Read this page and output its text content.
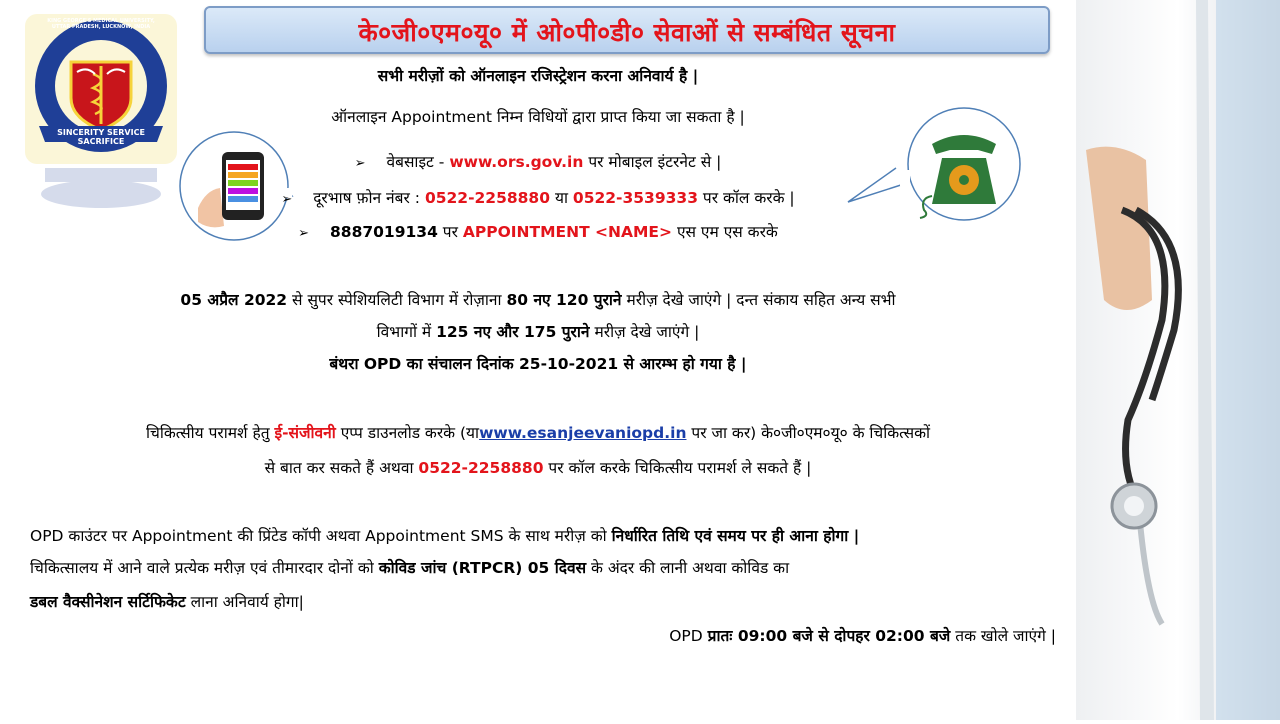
के०जी०एम०यू० में ओ०पी०डी० सेवाओं से सम्बंधित सूचना
SINCERITY SERVICE SACRIFICE
KING GEORGE'S MEDICAL UNIVERSITY, UTTAR PRADESH, LUCKNOW, INDIA
सभी मरीज़ों को ऑनलाइन रजिस्ट्रेशन करना अनिवार्य है |
ऑनलाइन Appointment निम्न विधियों द्वारा प्राप्त किया जा सकता है |
➢ वेबसाइट - www.ors.gov.in पर मोबाइल इंटरनेट से |
➢ दूरभाष फ़ोन नंबर : 0522-2258880 या 0522-3539333 पर कॉल करके |
➢ 8887019134 पर APPOINTMENT <NAME> एस एम एस करके
05 अप्रैल 2022 से सुपर स्पेशियलिटी विभाग में रोज़ाना 80 नए 120 पुराने मरीज़ देखे जाएंगे | दन्त संकाय सहित अन्य सभी
विभागों में 125 नए और 175 पुराने मरीज़ देखे जाएंगे |
बंथरा OPD का संचालन दिनांक 25-10-2021 से आरम्भ हो गया है |
चिकित्सीय परामर्श हेतु ई-संजीवनी एप्प डाउनलोड करके (याwww.esanjeevaniopd.in पर जा कर) के०जी०एम०यू० के चिकित्सकों
से बात कर सकते हैं अथवा 0522-2258880 पर कॉल करके चिकित्सीय परामर्श ले सकते हैं |
OPD काउंटर पर Appointment की प्रिंटेड कॉपी अथवा Appointment SMS के साथ मरीज़ को निर्धारित तिथि एवं समय पर ही आना होगा |
चिकित्सालय में आने वाले प्रत्येक मरीज़ एवं तीमारदार दोनों को कोविड जांच (RTPCR) 05 दिवस के अंदर की लानी अथवा कोविड का
डबल वैक्सीनेशन सर्टिफिकेट लाना अनिवार्य होगा|
OPD प्रातः 09:00 बजे से दोपहर 02:00 बजे तक खोले जाएंगे |
